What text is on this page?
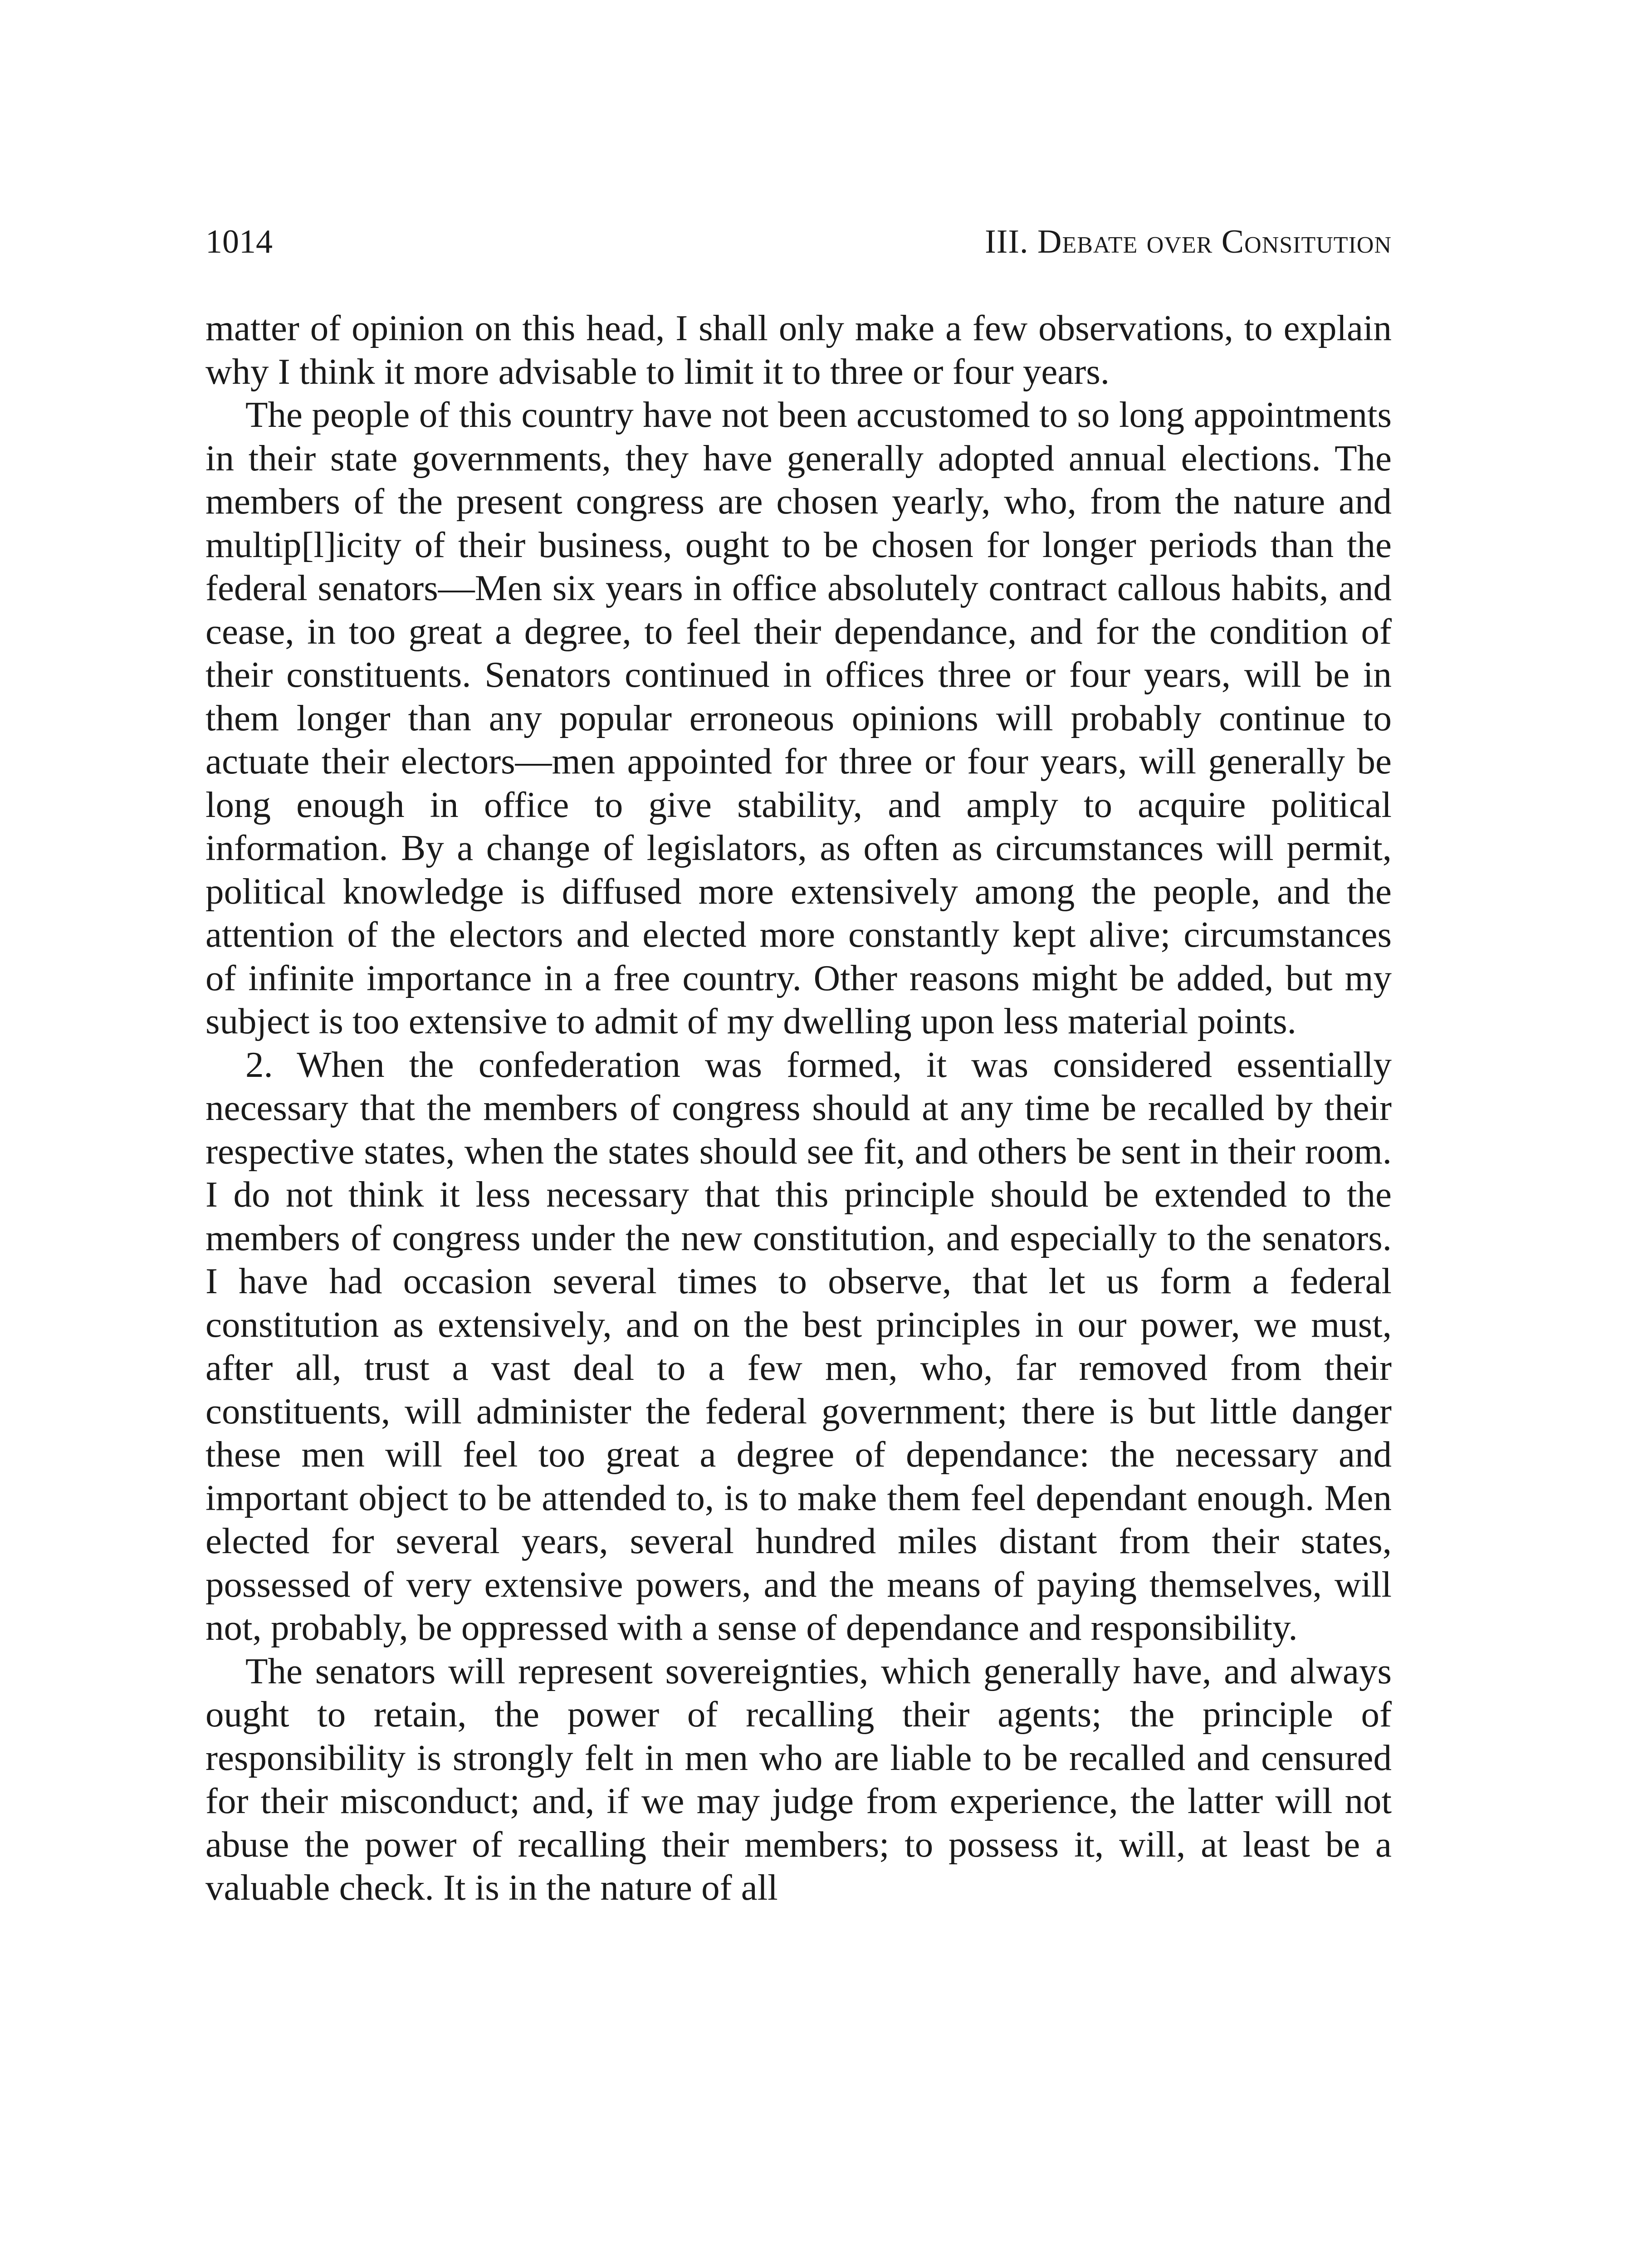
1014	III. Debate over Consitution

matter of opinion on this head, I shall only make a few observations, to explain why I think it more advisable to limit it to three or four years.

The people of this country have not been accustomed to so long appointments in their state governments, they have generally adopted annual elections. The members of the present congress are chosen yearly, who, from the nature and multip[l]icity of their business, ought to be chosen for longer periods than the federal senators—Men six years in office absolutely contract callous habits, and cease, in too great a degree, to feel their dependance, and for the condition of their constituents. Senators continued in offices three or four years, will be in them longer than any popular erroneous opinions will probably continue to actuate their electors—men appointed for three or four years, will generally be long enough in office to give stability, and amply to acquire political information. By a change of legislators, as often as circumstances will permit, political knowledge is diffused more extensively among the people, and the attention of the electors and elected more constantly kept alive; circumstances of infinite importance in a free country. Other reasons might be added, but my subject is too extensive to admit of my dwelling upon less material points.

2. When the confederation was formed, it was considered essentially necessary that the members of congress should at any time be recalled by their respective states, when the states should see fit, and others be sent in their room. I do not think it less necessary that this principle should be extended to the members of congress under the new constitution, and especially to the senators. I have had occasion several times to observe, that let us form a federal constitution as extensively, and on the best principles in our power, we must, after all, trust a vast deal to a few men, who, far removed from their constituents, will administer the federal government; there is but little danger these men will feel too great a degree of dependance: the necessary and important object to be attended to, is to make them feel dependant enough. Men elected for several years, several hundred miles distant from their states, possessed of very extensive powers, and the means of paying themselves, will not, probably, be oppressed with a sense of dependance and responsibility.

The senators will represent sovereignties, which generally have, and always ought to retain, the power of recalling their agents; the principle of responsibility is strongly felt in men who are liable to be recalled and censured for their misconduct; and, if we may judge from experience, the latter will not abuse the power of recalling their members; to possess it, will, at least be a valuable check. It is in the nature of all
